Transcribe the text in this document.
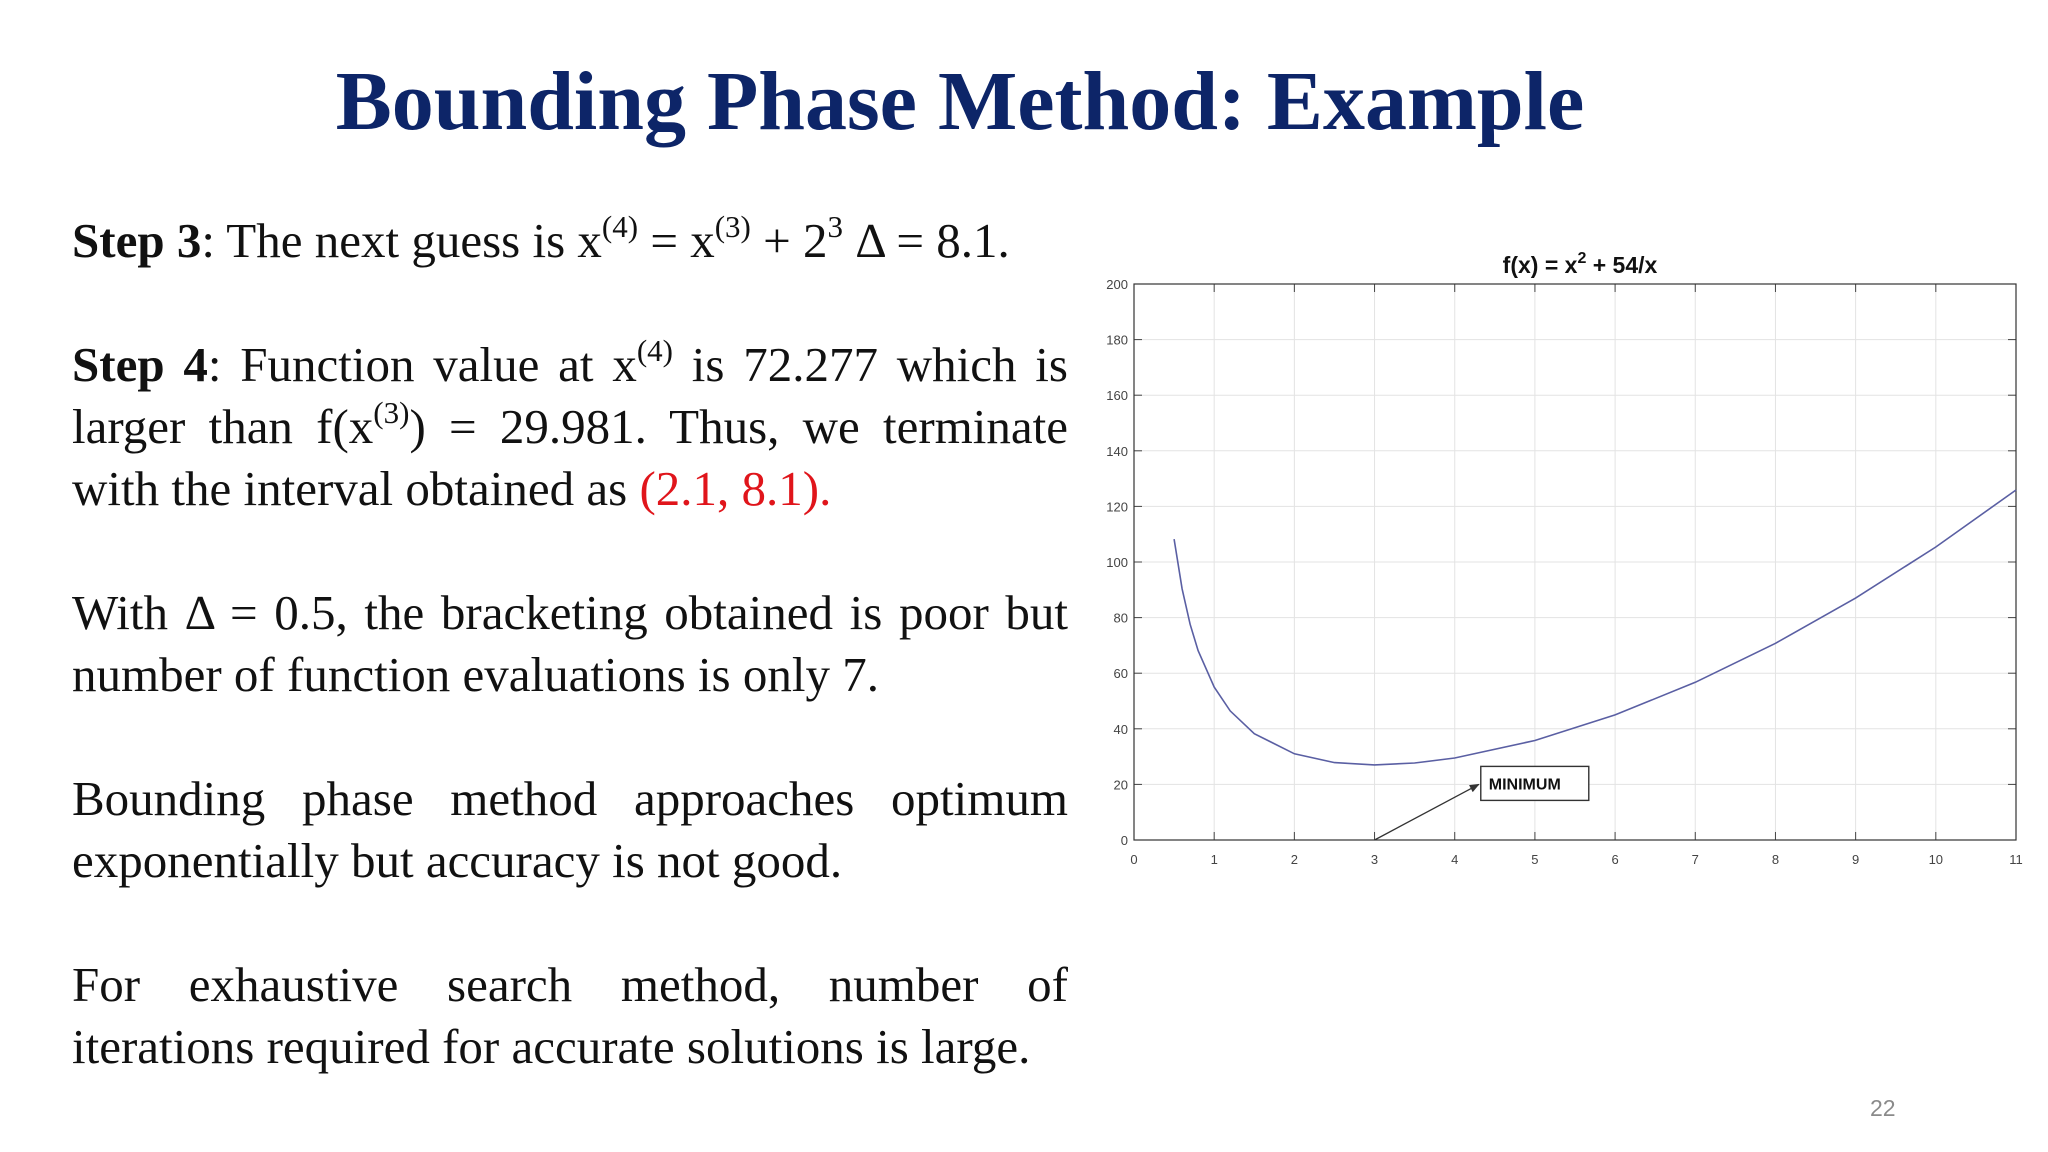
Bounding Phase Method: Example

Step 3: The next guess is $x^{(4)} = x^{(3)} + 2^3$ Δ = 8.1.

Step 4: Function value at $x^{(4)}$ is 72.277 which is larger than $f(x^{(3)}) = 29.981$. Thus, we terminate with the interval obtained as (2.1, 8.1).

With Δ = 0.5, the bracketing obtained is poor but number of function evaluations is only 7.

Bounding phase method approaches optimum exponentially but accuracy is not good.

For exhaustive search method, number of iterations required for accurate solutions is large.

0	1	2	3	4	5	6	7	8	9	10	11
0
20
40
60
80
100
120
140
160
180
200
$f(x) = x^2 + 54/x$
MINIMUM
22
